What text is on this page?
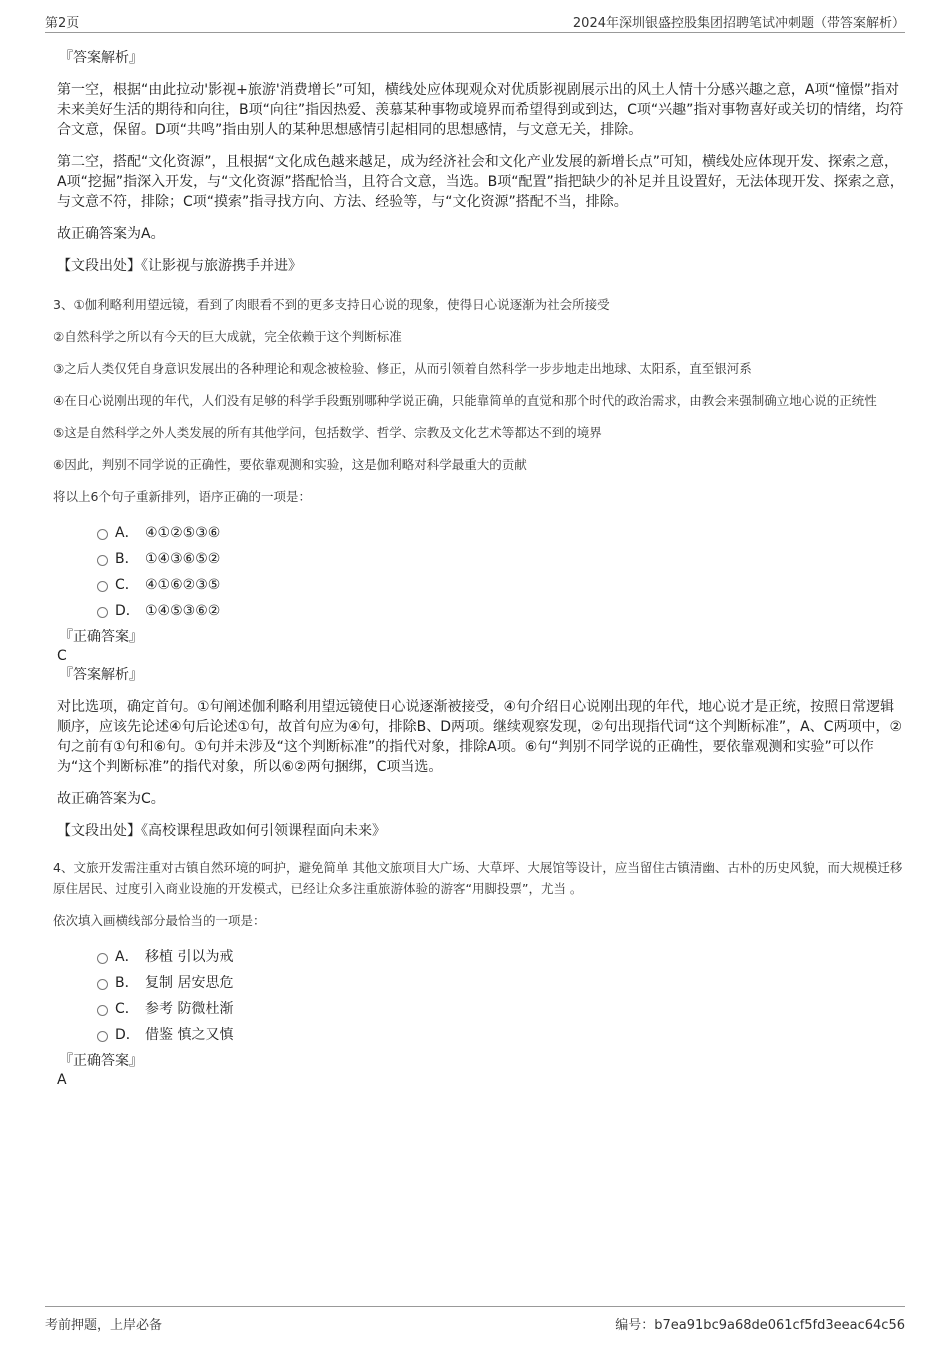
第2页	2024年深圳银盛控股集团招聘笔试冲刺题（带答案解析）
『答案解析』

第一空，根据“由此拉动'影视+旅游'消费增长”可知，横线处应体现观众对优质影视剧展示出的风土人情十分感兴趣之意，A项“憧憬”指对未来美好生活的期待和向往，B项“向往”指因热爱、羡慕某种事物或境界而希望得到或到达，C项“兴趣”指对事物喜好或关切的情绪，均符合文意，保留。D项“共鸣”指由别人的某种思想感情引起相同的思想感情，与文意无关，排除。

第二空，搭配“文化资源”，且根据“文化成色越来越足，成为经济社会和文化产业发展的新增长点”可知，横线处应体现开发、探索之意，A项“挖掘”指深入开发，与“文化资源”搭配恰当，且符合文意，当选。B项“配置”指把缺少的补足并且设置好，无法体现开发、探索之意，与文意不符，排除；C项“摸索”指寻找方向、方法、经验等，与“文化资源”搭配不当，排除。

故正确答案为A。

【文段出处】《让影视与旅游携手并进》

3、①伽利略利用望远镜，看到了肉眼看不到的更多支持日心说的现象，使得日心说逐渐为社会所接受

②自然科学之所以有今天的巨大成就，完全依赖于这个判断标准

③之后人类仅凭自身意识发展出的各种理论和观念被检验、修正，从而引领着自然科学一步步地走出地球、太阳系，直至银河系

④在日心说刚出现的年代，人们没有足够的科学手段甄别哪种学说正确，只能靠简单的直觉和那个时代的政治需求，由教会来强制确立地心说的正统性

⑤这是自然科学之外人类发展的所有其他学问，包括数学、哲学、宗教及文化艺术等都达不到的境界

⑥因此，判别不同学说的正确性，要依靠观测和实验，这是伽利略对科学最重大的贡献

将以上6个句子重新排列，语序正确的一项是：

A． ④①②⑤③⑥
B． ①④③⑥⑤②
C． ④①⑥②③⑤
D． ①④⑤③⑥②
『正确答案』
C
『答案解析』

对比选项，确定首句。①句阐述伽利略利用望远镜使日心说逐渐被接受，④句介绍日心说刚出现的年代，地心说才是正统，按照日常逻辑顺序，应该先论述④句后论述①句，故首句应为④句，排除B、D两项。继续观察发现，②句出现指代词“这个判断标准”，A、C两项中，②句之前有①句和⑥句。①句并未涉及“这个判断标准”的指代对象，排除A项。⑥句“判别不同学说的正确性，要依靠观测和实验”可以作为“这个判断标准”的指代对象，所以⑥②两句捆绑，C项当选。

故正确答案为C。

【文段出处】《高校课程思政如何引领课程面向未来》

4、文旅开发需注重对古镇自然环境的呵护，避免简单 其他文旅项目大广场、大草坪、大展馆等设计，应当留住古镇清幽、古朴的历史风貌，而大规模迁移原住居民、过度引入商业设施的开发模式，已经让众多注重旅游体验的游客“用脚投票”，尤当 。

依次填入画横线部分最恰当的一项是：

A． 移植 引以为戒
B． 复制 居安思危
C． 参考 防微杜渐
D． 借鉴 慎之又慎
『正确答案』
A
考前押题，上岸必备	编号：b7ea91bc9a68de061cf5fd3eeac64c56
